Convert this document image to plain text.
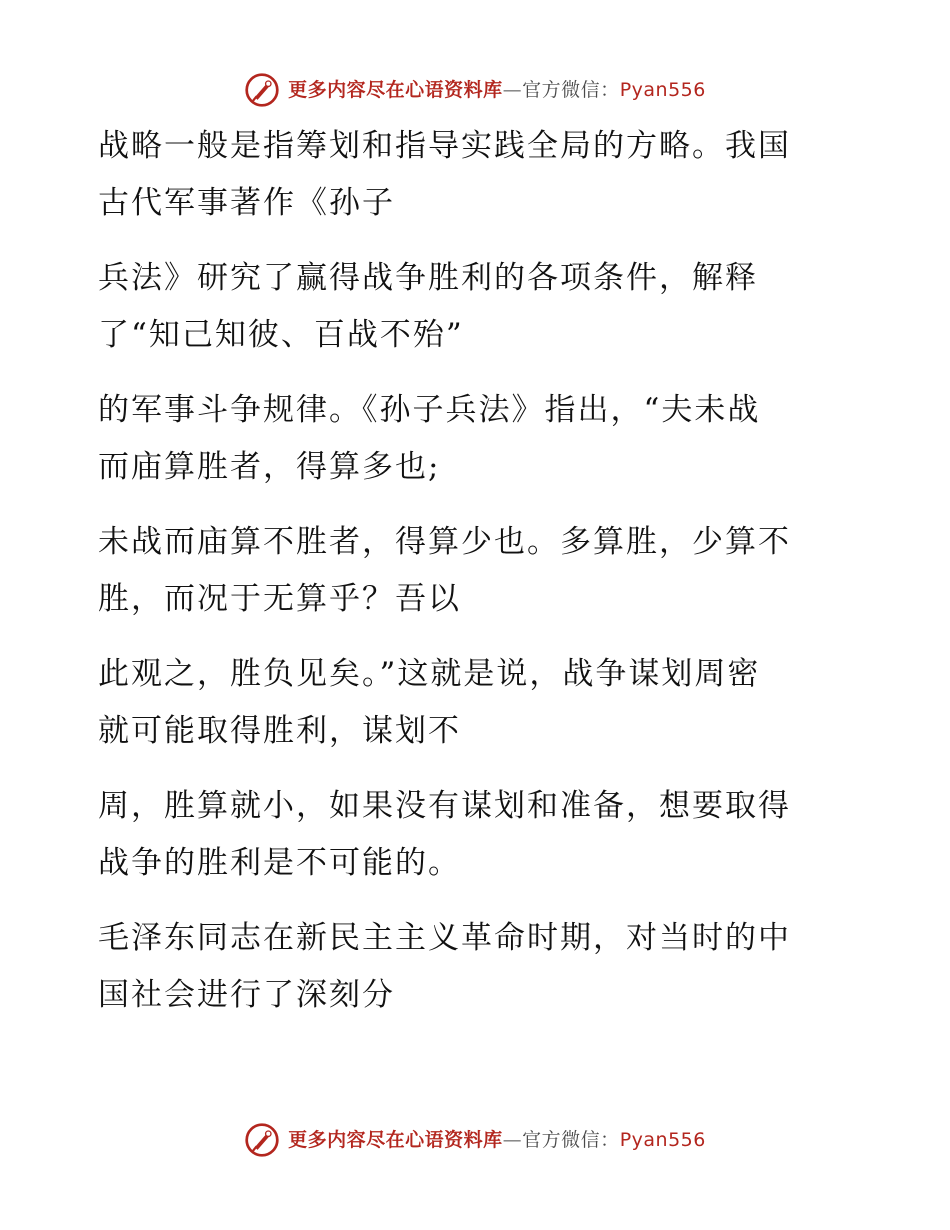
更多内容尽在心语资料库—官方微信：Pyan556

战略一般是指筹划和指导实践全局的方略。我国
古代军事著作《孙子

兵法》研究了赢得战争胜利的各项条件，解释
了“知己知彼、百战不殆”

的军事斗争规律。《孙子兵法》指出，“夫未战
而庙算胜者，得算多也;

未战而庙算不胜者，得算少也。多算胜，少算不
胜，而况于无算乎？吾以

此观之，胜负见矣。”这就是说，战争谋划周密
就可能取得胜利，谋划不

周，胜算就小，如果没有谋划和准备，想要取得
战争的胜利是不可能的。

毛泽东同志在新民主主义革命时期，对当时的中
国社会进行了深刻分

更多内容尽在心语资料库—官方微信：Pyan556
